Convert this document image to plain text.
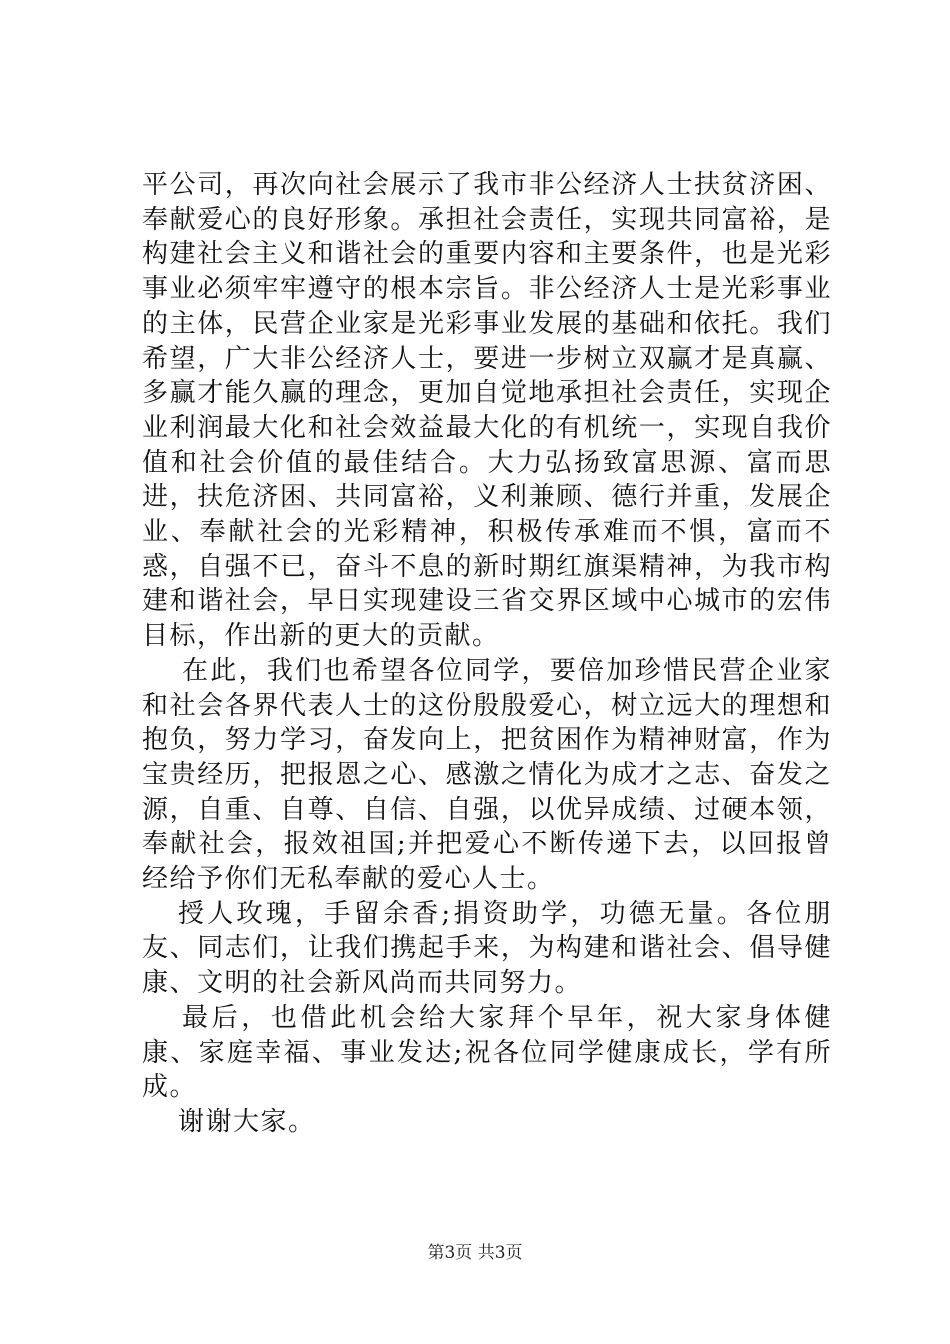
平公司，再次向社会展示了我市非公经济人士扶贫济困、奉献爱心的良好形象。承担社会责任，实现共同富裕，是构建社会主义和谐社会的重要内容和主要条件，也是光彩事业必须牢牢遵守的根本宗旨。非公经济人士是光彩事业的主体，民营企业家是光彩事业发展的基础和依托。我们希望，广大非公经济人士，要进一步树立双赢才是真赢、多赢才能久赢的理念，更加自觉地承担社会责任，实现企业利润最大化和社会效益最大化的有机统一，实现自我价值和社会价值的最佳结合。大力弘扬致富思源、富而思进，扶危济困、共同富裕，义利兼顾、德行并重，发展企业、奉献社会的光彩精神，积极传承难而不惧，富而不惑，自强不已，奋斗不息的新时期红旗渠精神，为我市构建和谐社会，早日实现建设三省交界区域中心城市的宏伟目标，作出新的更大的贡献。

在此，我们也希望各位同学，要倍加珍惜民营企业家和社会各界代表人士的这份殷殷爱心，树立远大的理想和抱负，努力学习，奋发向上，把贫困作为精神财富，作为宝贵经历，把报恩之心、感激之情化为成才之志、奋发之源，自重、自尊、自信、自强，以优异成绩、过硬本领，奉献社会，报效祖国;并把爱心不断传递下去，以回报曾经给予你们无私奉献的爱心人士。

授人玫瑰，手留余香;捐资助学，功德无量。各位朋友、同志们，让我们携起手来，为构建和谐社会、倡导健康、文明的社会新风尚而共同努力。

最后，也借此机会给大家拜个早年，祝大家身体健康、家庭幸福、事业发达;祝各位同学健康成长，学有所成。

谢谢大家。

第3页 共3页
